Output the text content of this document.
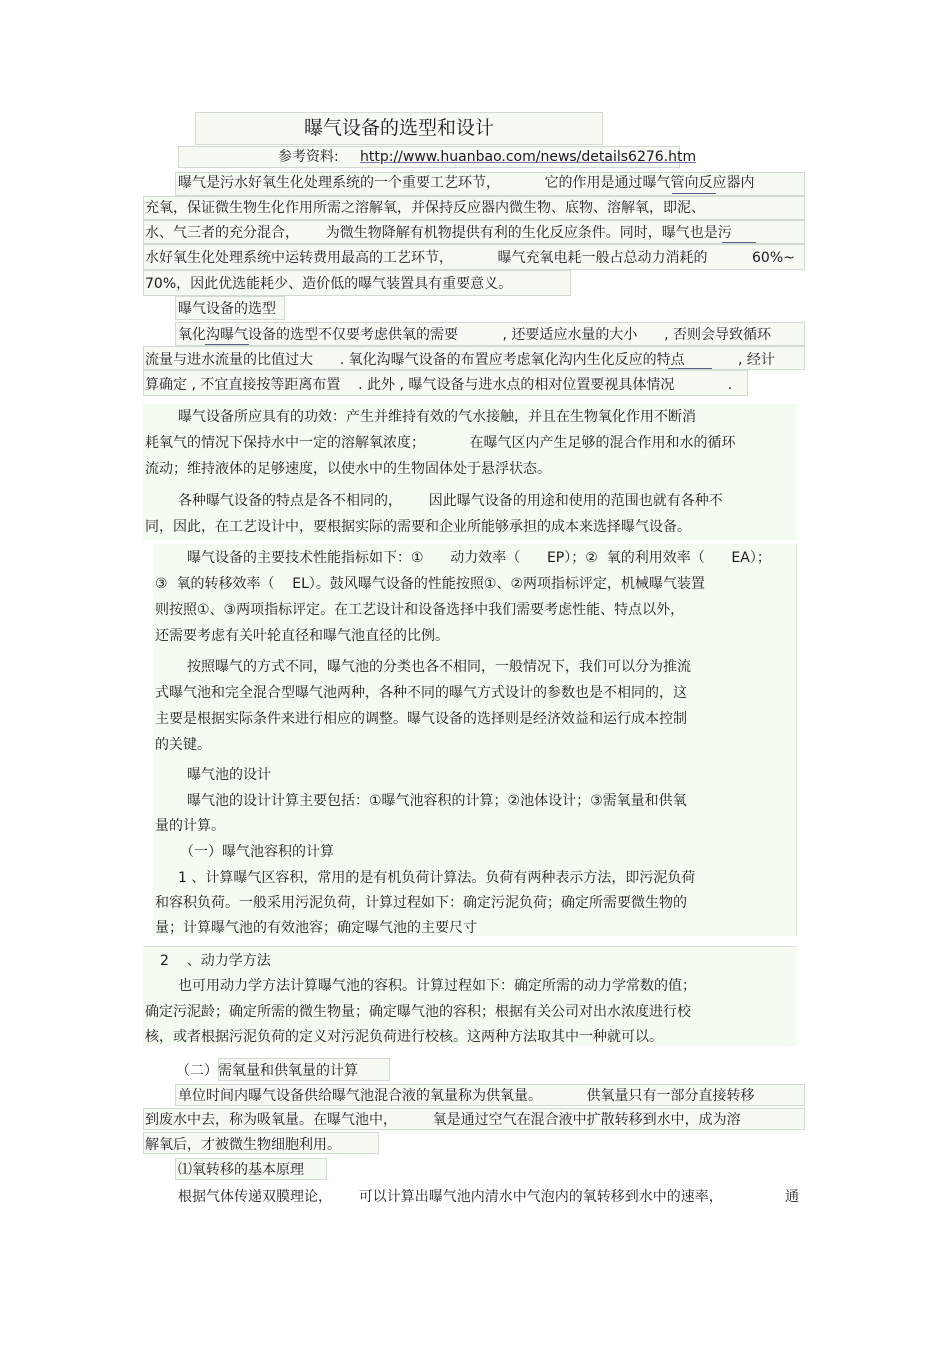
曝气设备的选型和设计
参考资料: http://www.huanbao.com/news/details6276.htm
曝气是污水好氧生化处理系统的一个重要工艺环节，          它的作用是通过曝气管向反应器内
充氧，保证微生物生化作用所需之溶解氧，并保持反应器内微生物、底物、溶解氧，即泥、
水、气三者的充分混合，      为微生物降解有机物提供有利的生化反应条件。同时，曝气也是污
水好氧生化处理系统中运转费用最高的工艺环节，          曝气充氧电耗一般占总动力消耗的          60%~
70%，因此优选能耗少、造价低的曝气装置具有重要意义。
曝气设备的选型
氧化沟曝气设备的选型不仅要考虑供氧的需要          , 还要适应水量的大小      , 否则会导致循环
流量与进水流量的比值过大      . 氧化沟曝气设备的布置应考虑氧化沟内生化反应的特点            , 经计
算确定 , 不宜直接按等距离布置    . 此外 , 曝气设备与进水点的相对位置要视具体情况            .
曝气设备所应具有的功效：产生并维持有效的气水接触，并且在生物氧化作用不断消
耗氧气的情况下保持水中一定的溶解氧浓度；          在曝气区内产生足够的混合作用和水的循环
流动；维持液体的足够速度，以使水中的生物固体处于悬浮状态。
各种曝气设备的特点是各不相同的，      因此曝气设备的用途和使用的范围也就有各种不
同，因此，在工艺设计中，要根据实际的需要和企业所能够承担的成本来选择曝气设备。
曝气设备的主要技术性能指标如下：①      动力效率（      EP）；②  氧的利用效率（      EA）；
③  氧的转移效率（    EL）。鼓风曝气设备的性能按照①、②两项指标评定，机械曝气装置
则按照①、③两项指标评定。在工艺设计和设备选择中我们需要考虑性能、特点以外，
还需要考虑有关叶轮直径和曝气池直径的比例。
按照曝气的方式不同，曝气池的分类也各不相同，一般情况下，我们可以分为推流
式曝气池和完全混合型曝气池两种，各种不同的曝气方式设计的参数也是不相同的，这
主要是根据实际条件来进行相应的调整。曝气设备的选择则是经济效益和运行成本控制
的关键。
曝气池的设计
曝气池的设计计算主要包括：①曝气池容积的计算；②池体设计；③需氧量和供氧
量的计算。
（一）曝气池容积的计算
1 、计算曝气区容积，常用的是有机负荷计算法。负荷有两种表示方法，即污泥负荷
和容积负荷。一般采用污泥负荷，计算过程如下：确定污泥负荷；确定所需要微生物的
量；计算曝气池的有效池容；确定曝气池的主要尺寸
2    、动力学方法
也可用动力学方法计算曝气池的容积。计算过程如下：确定所需的动力学常数的值；
确定污泥龄；确定所需的微生物量；确定曝气池的容积；根据有关公司对出水浓度进行校
核，或者根据污泥负荷的定义对污泥负荷进行校核。这两种方法取其中一种就可以。
（二）需氧量和供氧量的计算
单位时间内曝气设备供给曝气池混合液的氧量称为供氧量。          供氧量只有一部分直接转移
到废水中去，称为吸氧量。在曝气池中，        氧是通过空气在混合液中扩散转移到水中，成为溶
解氧后，才被微生物细胞利用。
⑴氧转移的基本原理
根据气体传递双膜理论，      可以计算出曝气池内清水中气泡内的氧转移到水中的速率，              通
